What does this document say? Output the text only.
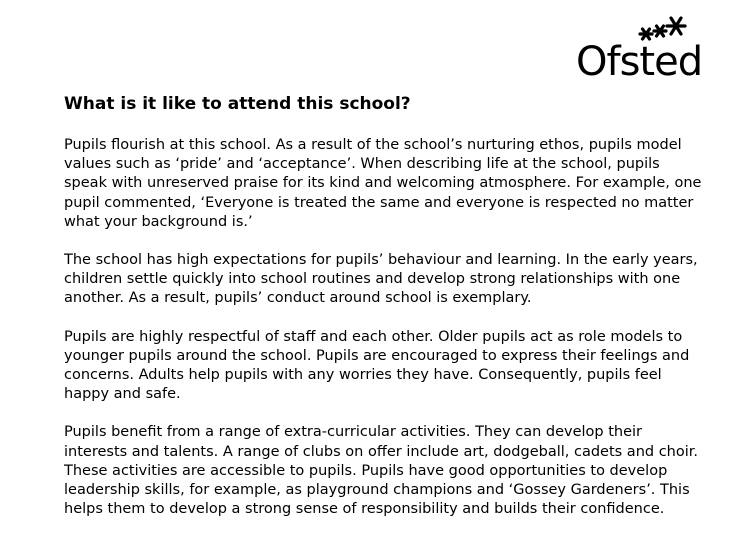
Ofsted
What is it like to attend this school?

Pupils flourish at this school. As a result of the school’s nurturing ethos, pupils model values such as ‘pride’ and ‘acceptance’. When describing life at the school, pupils speak with unreserved praise for its kind and welcoming atmosphere. For example, one pupil commented, ‘Everyone is treated the same and everyone is respected no matter what your background is.’

The school has high expectations for pupils’ behaviour and learning. In the early years, children settle quickly into school routines and develop strong relationships with one another. As a result, pupils’ conduct around school is exemplary.

Pupils are highly respectful of staff and each other. Older pupils act as role models to younger pupils around the school. Pupils are encouraged to express their feelings and concerns. Adults help pupils with any worries they have. Consequently, pupils feel happy and safe.

Pupils benefit from a range of extra-curricular activities. They can develop their interests and talents. A range of clubs on offer include art, dodgeball, cadets and choir. These activities are accessible to pupils. Pupils have good opportunities to develop leadership skills, for example, as playground champions and ‘Gossey Gardeners’. This helps them to develop a strong sense of responsibility and builds their confidence.
